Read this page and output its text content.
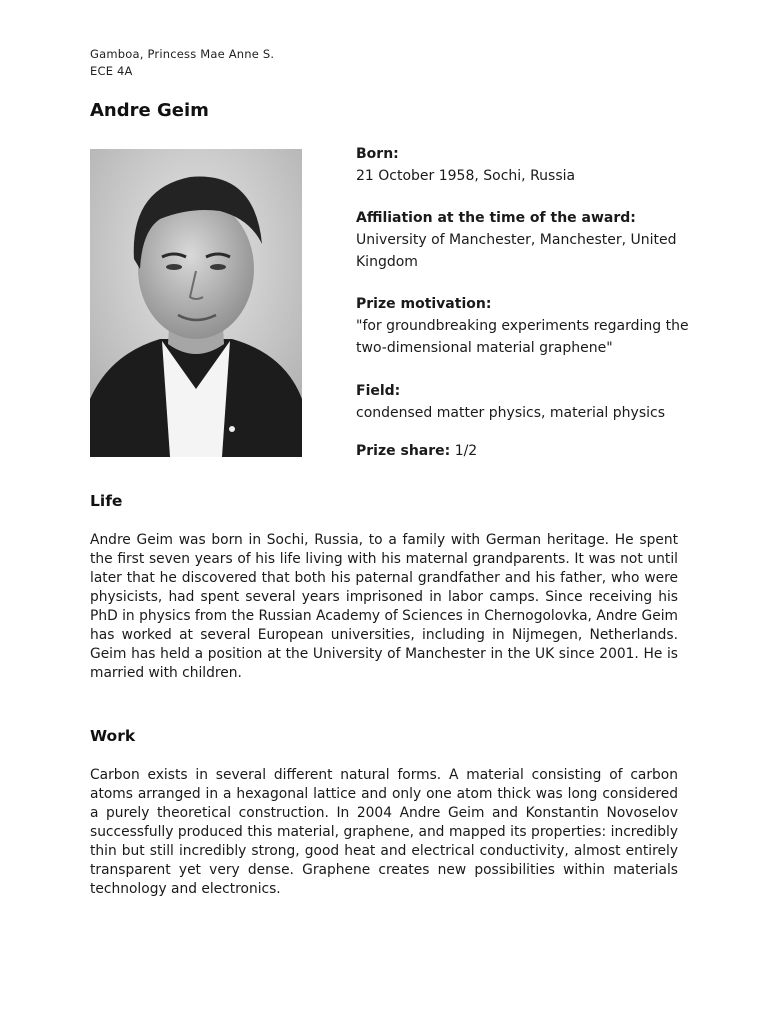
Gamboa, Princess Mae Anne S.
ECE 4A
Andre Geim
Born:
21 October 1958, Sochi, Russia
Affiliation at the time of the award:
University of Manchester, Manchester, United Kingdom
Prize motivation:
"for groundbreaking experiments regarding the two-dimensional material graphene"
Field:
condensed matter physics, material physics
Prize share: 1/2
Life

Andre Geim was born in Sochi, Russia, to a family with German heritage. He spent the first seven years of his life living with his maternal grandparents. It was not until later that he discovered that both his paternal grandfather and his father, who were physicists, had spent several years imprisoned in labor camps. Since receiving his PhD in physics from the Russian Academy of Sciences in Chernogolovka, Andre Geim has worked at several European universities, including in Nijmegen, Netherlands. Geim has held a position at the University of Manchester in the UK since 2001. He is married with children.

Work

Carbon exists in several different natural forms. A material consisting of carbon atoms arranged in a hexagonal lattice and only one atom thick was long considered a purely theoretical construction. In 2004 Andre Geim and Konstantin Novoselov successfully produced this material, graphene, and mapped its properties: incredibly thin but still incredibly strong, good heat and electrical conductivity, almost entirely transparent yet very dense. Graphene creates new possibilities within materials technology and electronics.
